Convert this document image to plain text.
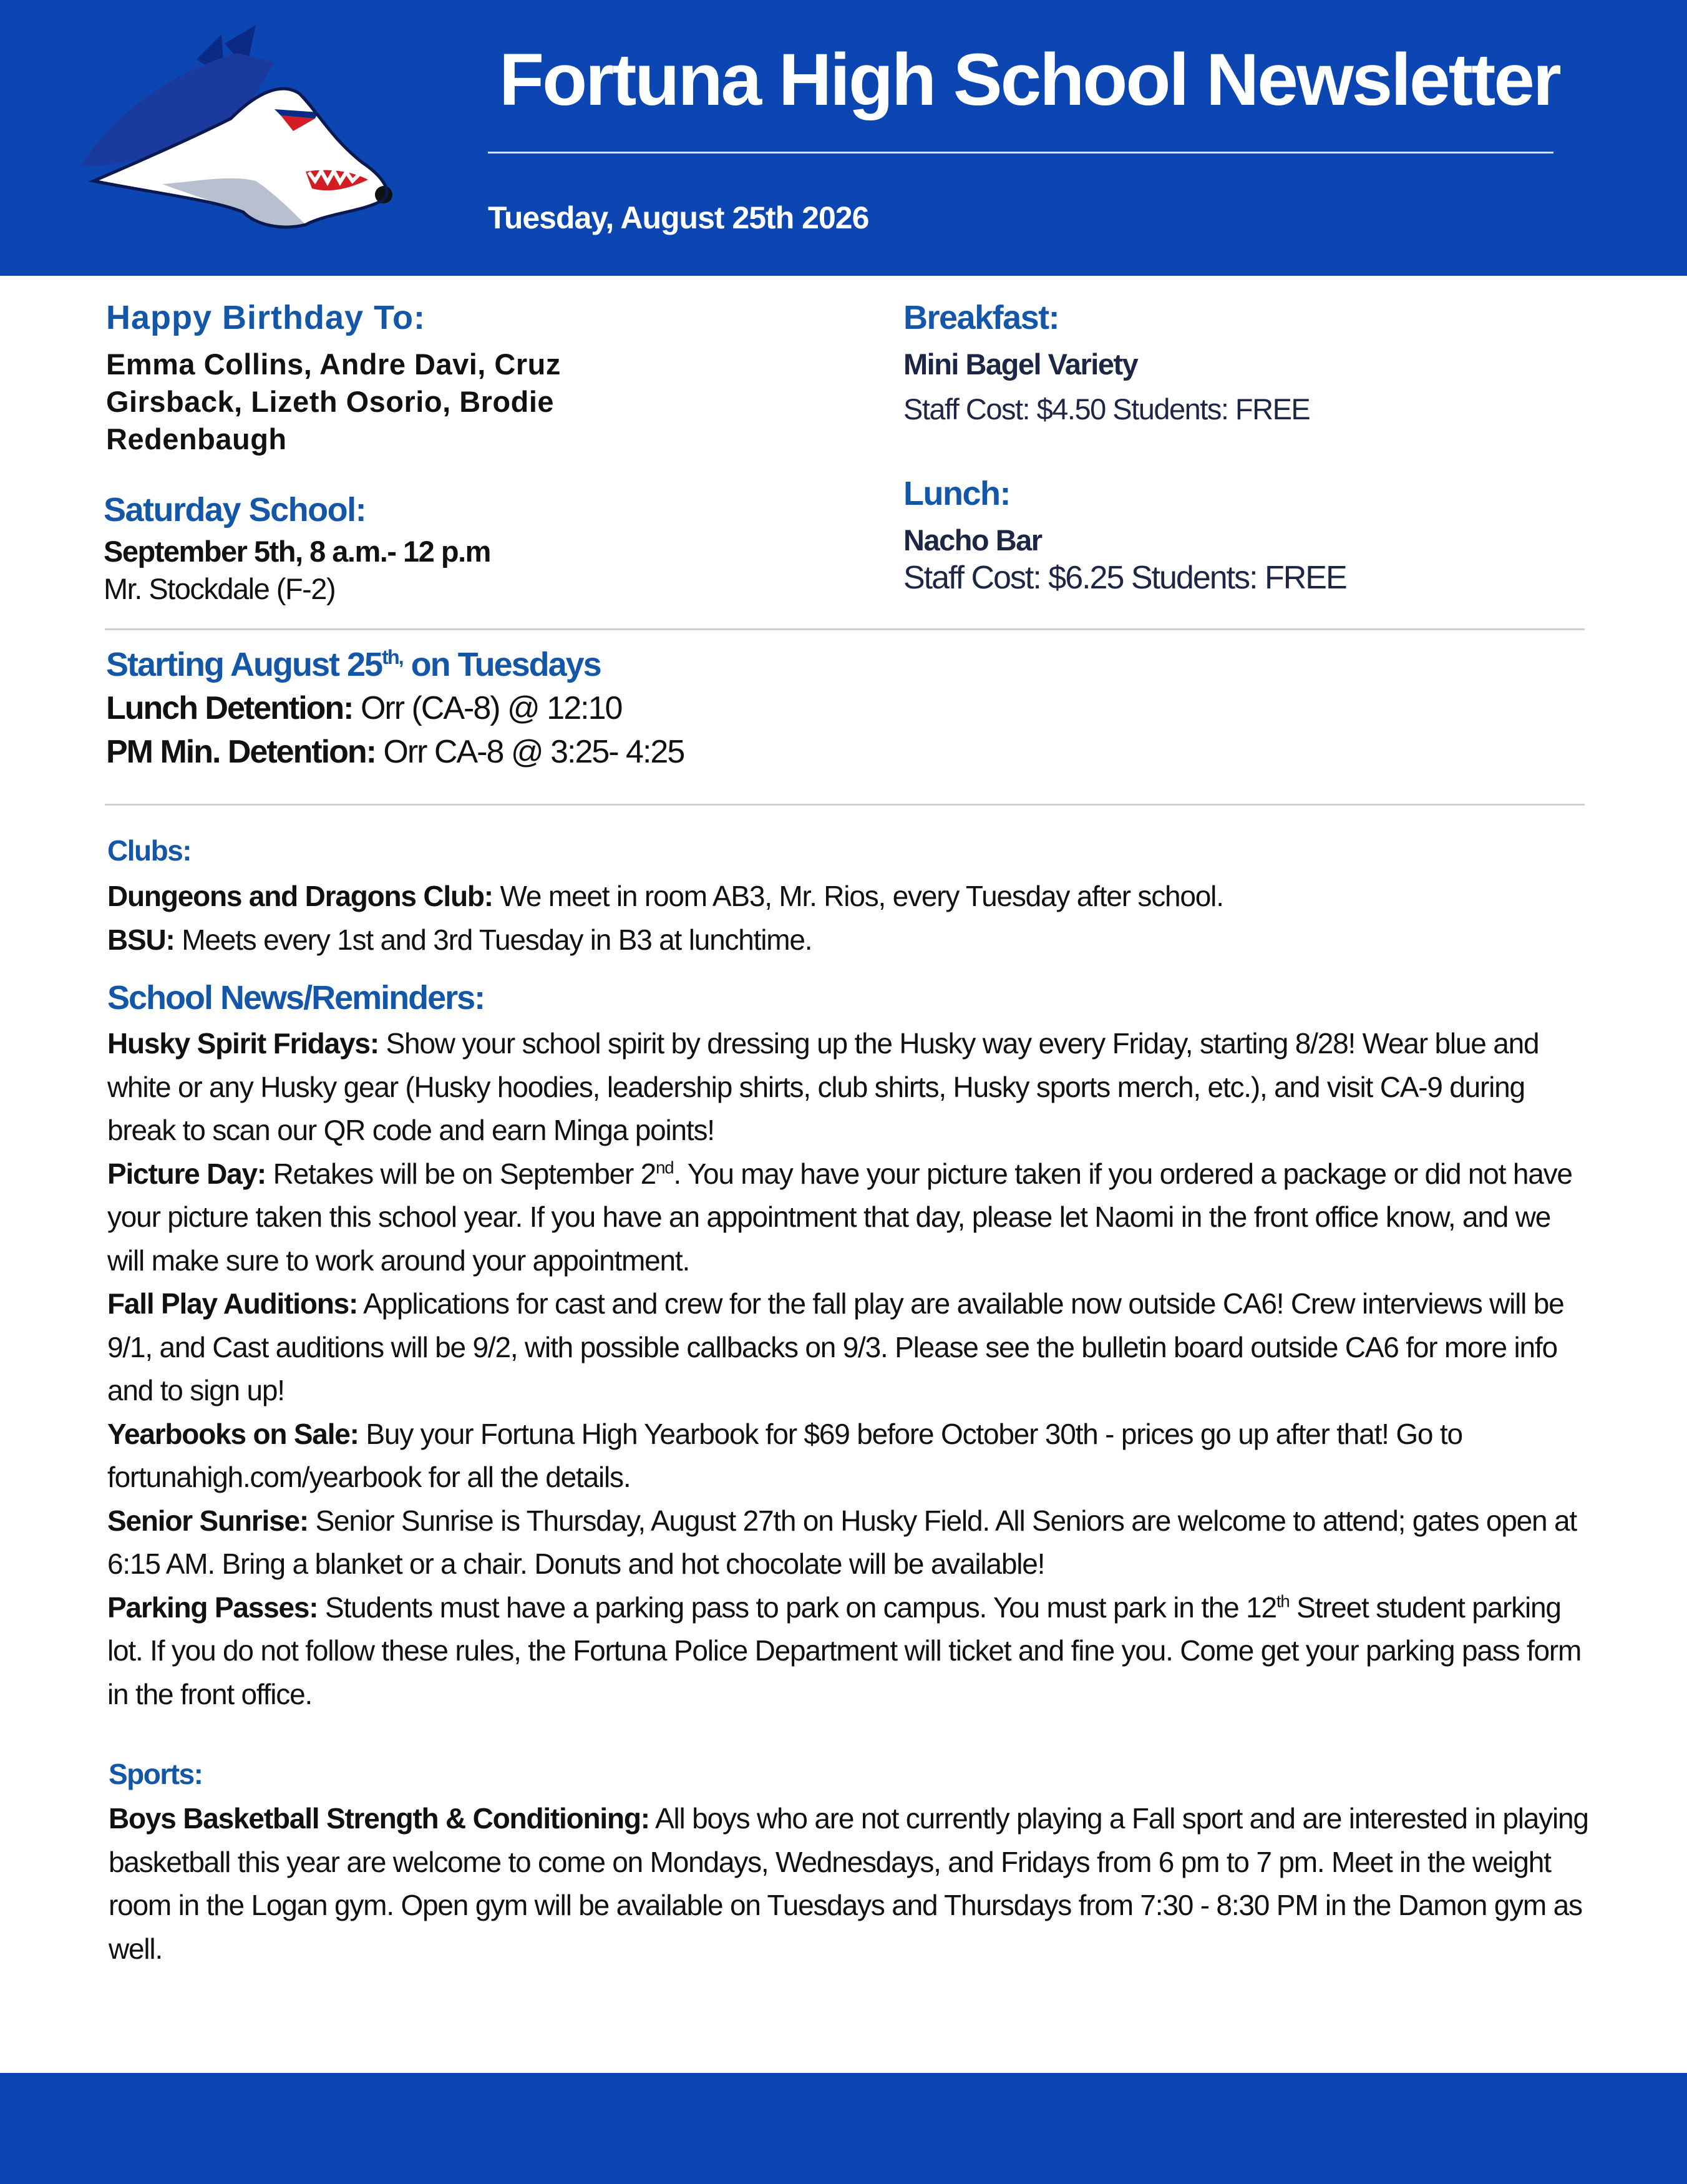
Fortuna High School Newsletter
Tuesday, August 25th 2026

Happy Birthday To:

Emma Collins, Andre Davi, Cruz

Girsback, Lizeth Osorio, Brodie

Redenbaugh

Saturday School:

September 5th, 8 a.m.- 12 p.m

Mr. Stockdale (F-2)

Breakfast:

Mini Bagel Variety

Staff Cost: $4.50 Students: FREE

Lunch:

Nacho Bar

Staff Cost: $6.25 Students: FREE

Starting August $25^{th,}$ on Tuesdays

Lunch Detention: Orr (CA-8) @ 12:10

PM Min. Detention: Orr CA-8 @ 3:25- 4:25

Clubs:

Dungeons and Dragons Club: We meet in room AB3, Mr. Rios, every Tuesday after school.

BSU: Meets every 1st and 3rd Tuesday in B3 at lunchtime.

School News/Reminders:

Husky Spirit Fridays: Show your school spirit by dressing up the Husky way every Friday, starting 8/28! Wear blue and white or any Husky gear (Husky hoodies, leadership shirts, club shirts, Husky sports merch, etc.), and visit CA-9 during break to scan our QR code and earn Minga points!

Picture Day: Retakes will be on September 2nd. You may have your picture taken if you ordered a package or did not have your picture taken this school year. If you have an appointment that day, please let Naomi in the front office know, and we will make sure to work around your appointment.

Fall Play Auditions: Applications for cast and crew for the fall play are available now outside CA6! Crew interviews will be 9/1, and Cast auditions will be 9/2, with possible callbacks on 9/3. Please see the bulletin board outside CA6 for more info and to sign up!

Yearbooks on Sale: Buy your Fortuna High Yearbook for $69 before October 30th - prices go up after that! Go to fortunahigh.com/yearbook for all the details.

Senior Sunrise: Senior Sunrise is Thursday, August 27th on Husky Field. All Seniors are welcome to attend; gates open at 6:15 AM. Bring a blanket or a chair. Donuts and hot chocolate will be available!

Parking Passes: Students must have a parking pass to park on campus. You must park in the 12th Street student parking lot. If you do not follow these rules, the Fortuna Police Department will ticket and fine you. Come get your parking pass form in the front office.

Sports:

Boys Basketball Strength & Conditioning: All boys who are not currently playing a Fall sport and are interested in playing basketball this year are welcome to come on Mondays, Wednesdays, and Fridays from 6 pm to 7 pm. Meet in the weight room in the Logan gym. Open gym will be available on Tuesdays and Thursdays from 7:30 - 8:30 PM in the Damon gym as well.
